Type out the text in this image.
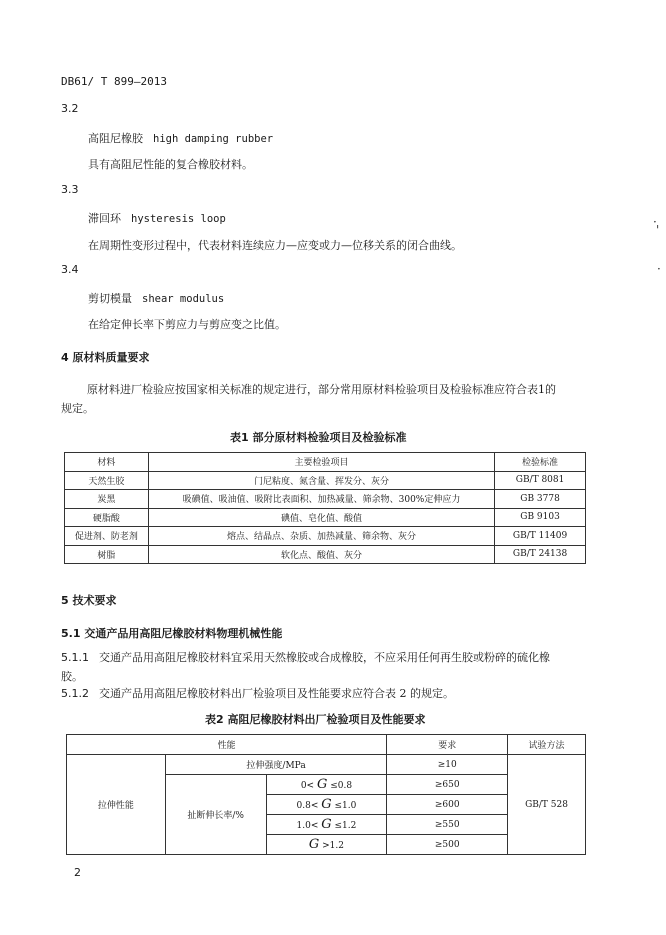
DB61/ T 899—2013
3.2
高阻尼橡胶 high damping rubber
具有高阻尼性能的复合橡胶材料。
3.3
滞回环 hysteresis loop
在周期性变形过程中，代表材料连续应力—应变或力—位移关系的闭合曲线。
3.4
剪切模量 shear modulus
在给定伸长率下剪应力与剪应变之比值。
4 原材料质量要求
原材料进厂检验应按国家相关标准的规定进行，部分常用原材料检验项目及检验标准应符合表1的
规定。
表1 部分原材料检验项目及检验标准
材料	主要检验项目	检验标准
天然生胶	门尼粘度、氮含量、挥发分、灰分	GB/T 8081
炭黑	吸碘值、吸油值、吸附比表面积、加热减量、筛余物、300%定伸应力	GB 3778
硬脂酸	碘值、皂化值、酸值	GB 9103
促进剂、防老剂	熔点、结晶点、杂质、加热减量、筛余物、灰分	GB/T 11409
树脂	软化点、酸值、灰分	GB/T 24138
5 技术要求
5.1 交通产品用高阻尼橡胶材料物理机械性能
5.1.1 交通产品用高阻尼橡胶材料宜采用天然橡胶或合成橡胶，不应采用任何再生胶或粉碎的硫化橡
胶。
5.1.2 交通产品用高阻尼橡胶材料出厂检验项目及性能要求应符合表 2 的规定。
表2 高阻尼橡胶材料出厂检验项目及性能要求
性能			要求	试验方法
拉伸性能	拉伸强度/MPa		≥10	GB/T 528
	扯断伸长率/%	0< G ≤0.8	≥650	
		0.8< G ≤1.0	≥600	
		1.0< G ≤1.2	≥550	
		G >1.2	≥500	
2
·
'
·
